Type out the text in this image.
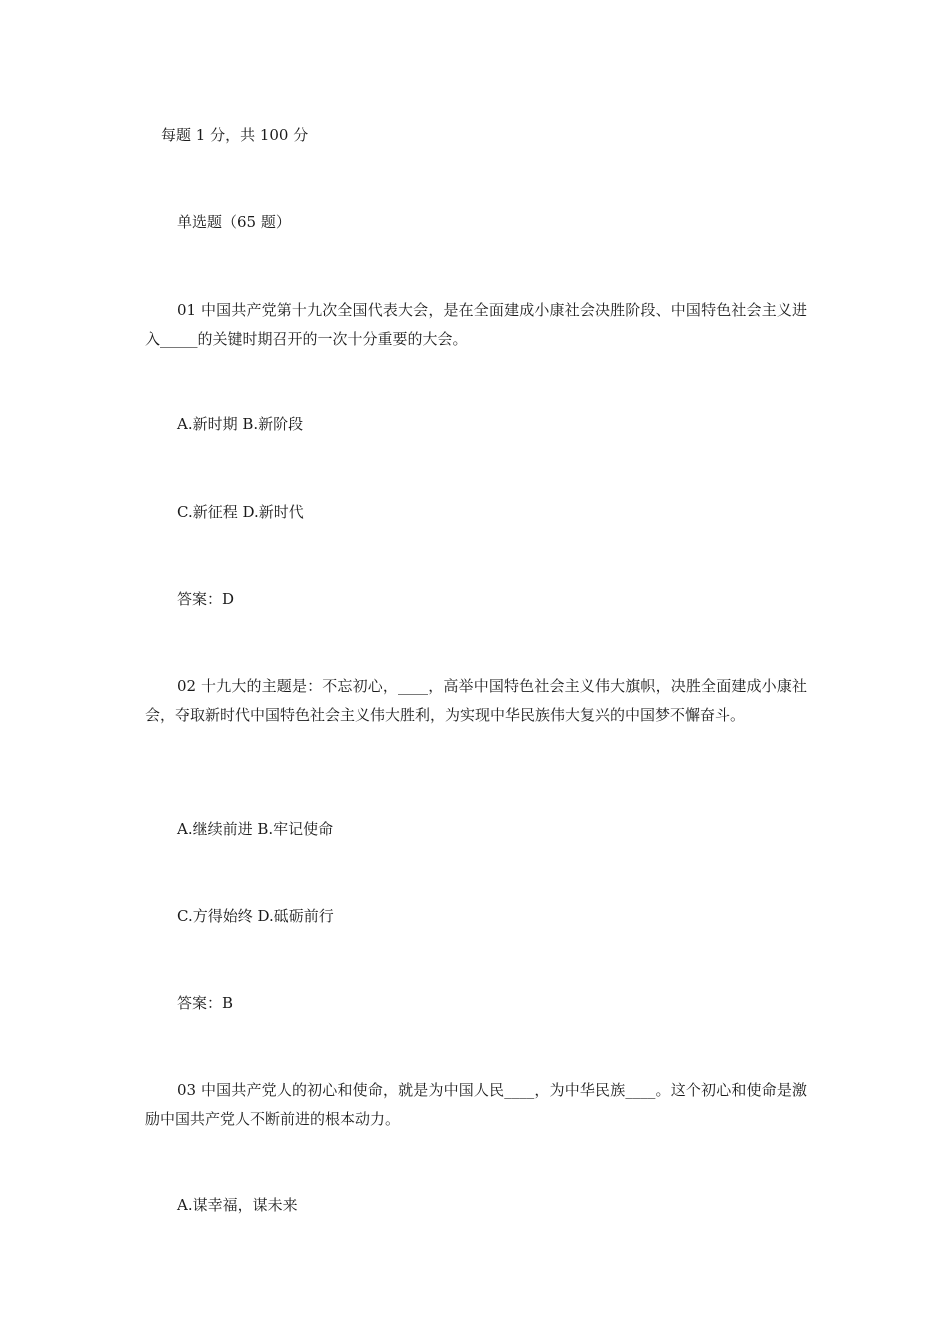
每题 1 分，共 100 分
单选题（65 题）
01 中国共产党第十九次全国代表大会，是在全面建成小康社会决胜阶段、中国特色社会主义进入_____的关键时期召开的一次十分重要的大会。
A.新时期 B.新阶段
C.新征程 D.新时代
答案：D
02 十九大的主题是：不忘初心，____，高举中国特色社会主义伟大旗帜，决胜全面建成小康社会，夺取新时代中国特色社会主义伟大胜利，为实现中华民族伟大复兴的中国梦不懈奋斗。
A.继续前进 B.牢记使命
C.方得始终 D.砥砺前行
答案：B
03 中国共产党人的初心和使命，就是为中国人民____，为中华民族____。这个初心和使命是激励中国共产党人不断前进的根本动力。
A.谋幸福，谋未来
